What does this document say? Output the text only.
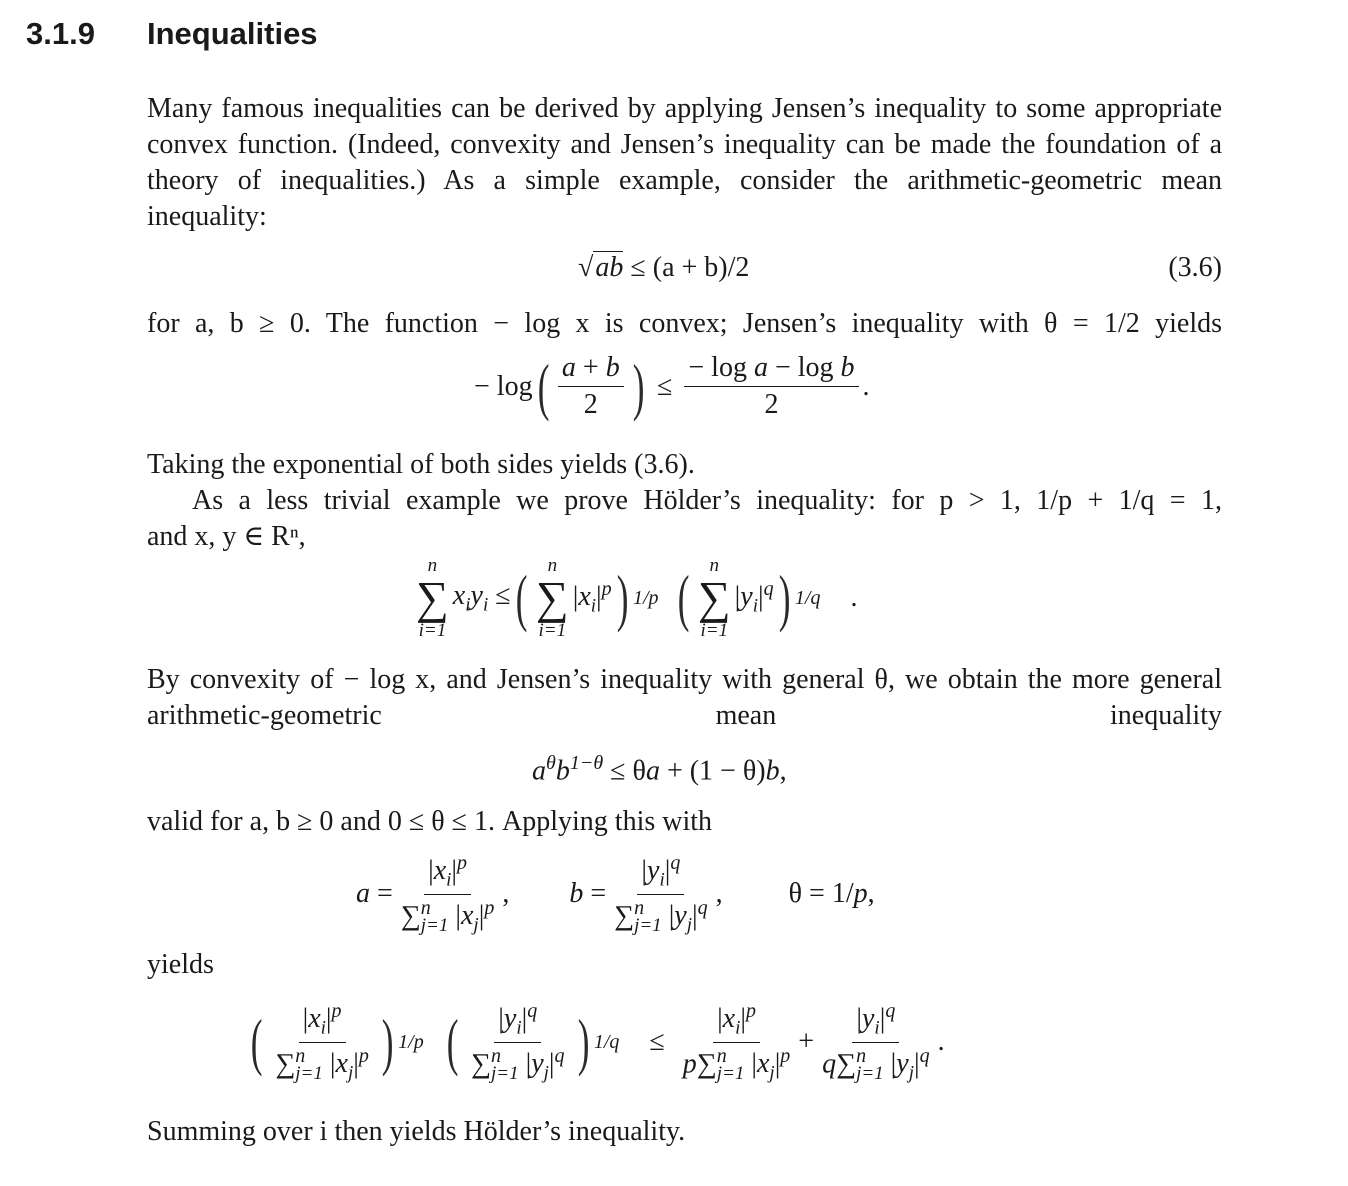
3.1.9 Inequalities

Many famous inequalities can be derived by applying Jensen’s inequality to some appropriate convex function. (Indeed, convexity and Jensen’s inequality can be made the foundation of a theory of inequalities.) As a simple example, consider the arithmetic-geometric mean inequality:

√ab ≤ (a + b)/2	(3.6)

for a, b ≥ 0. The function − log x is convex; Jensen’s inequality with θ = 1/2 yields

− log ( $\frac{a + b}{2}$ ) ≤ $\frac{\text{− log a − log b}}{2}$ .
Taking the exponential of both sides yields (3.6).

As a less trivial example we prove Hölder’s inequality: for p > 1, 1/p + 1/q = 1,

and x, y ∈ Rⁿ,
n
∑
i=1
$x_iy_i$ ≤ ( n
∑
i=1
$|x_i|^p$ ) 1/p ( n
∑
i=1
$|y_i|^q$ ) 1/q .

By convexity of − log x, and Jensen’s inequality with general θ, we obtain the more general arithmetic-geometric mean inequality

$a^\theta b^{1-\theta} \le \theta a + (1 - \theta)b$,
valid for a, b ≥ 0 and 0 ≤ θ ≤ 1. Applying this with
$a = \frac{|x_i|^p}{\sum^n_{j=1} |x_j|^p}$ , $b = \frac{|y_i|^q}{\sum^n_{j=1} |y_j|^q}$ , θ = 1/p,
yields
( $\frac{|x_i|^p}{\sum^n_{j=1} |x_j|^p}$ ) 1/p ( $\frac{|y_i|^q}{\sum^n_{j=1} |y_j|^q}$ ) $1/q \le \frac{|x_i|^p}{p\sum^n_{j=1} |x_j|^p} + \frac{|y_i|^q}{q\sum^n_{j=1} |y_j|^q}$ .
Summing over i then yields Hölder’s inequality.
